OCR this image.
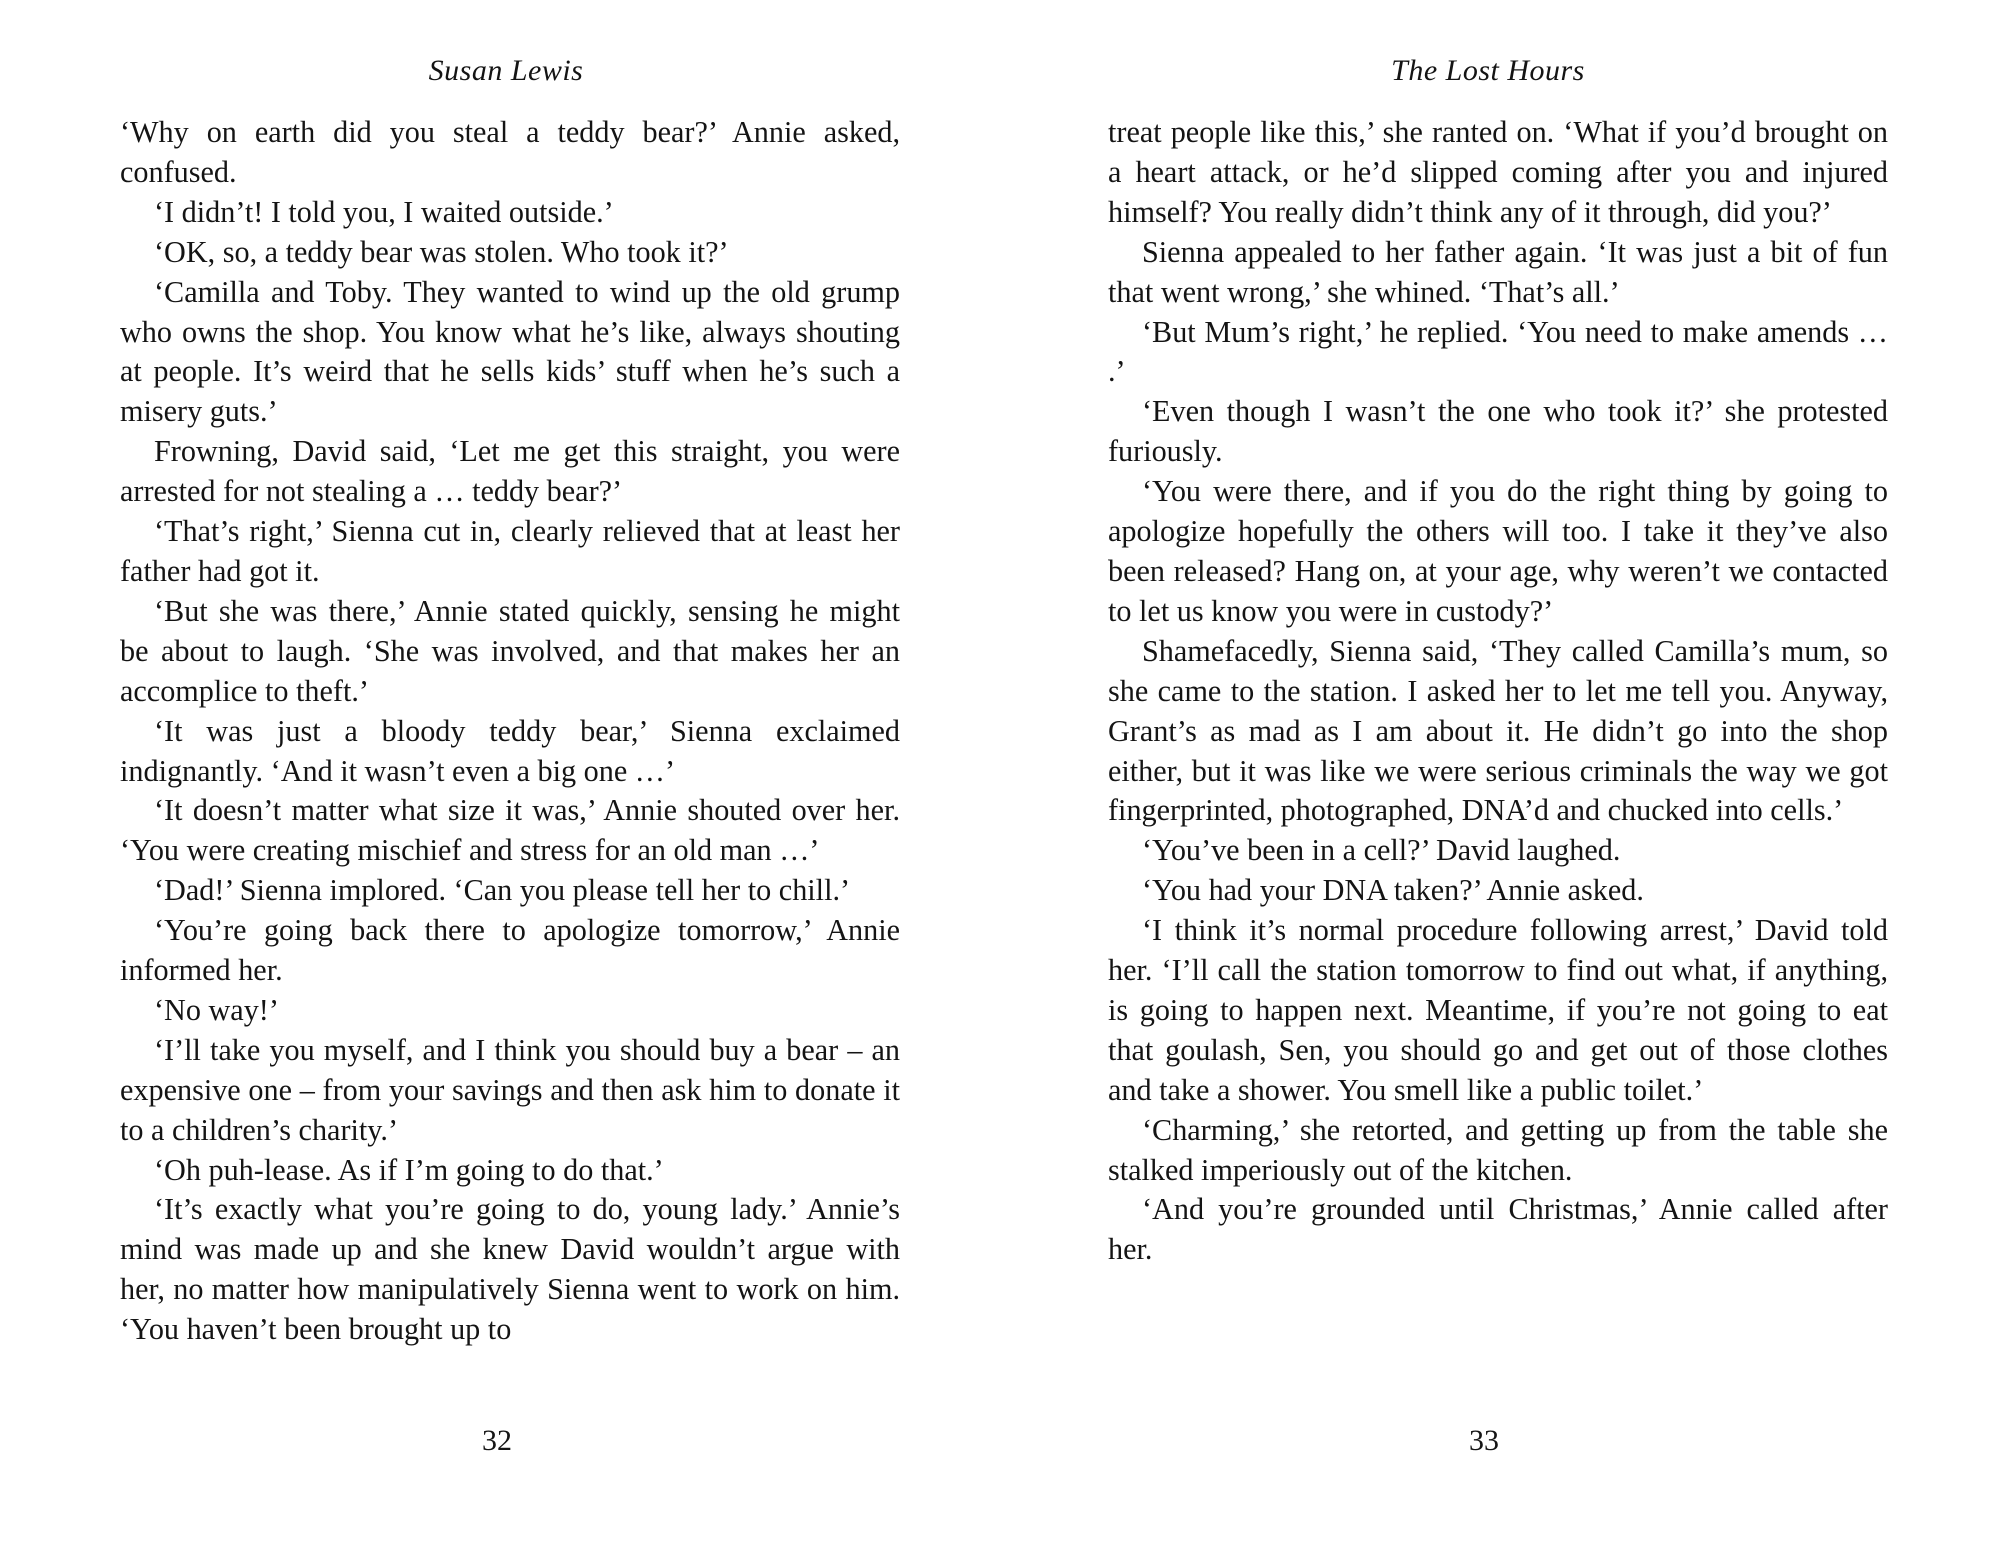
Susan Lewis

‘Why on earth did you steal a teddy bear?’ Annie asked, confused.

‘I didn’t! I told you, I waited outside.’

‘OK, so, a teddy bear was stolen. Who took it?’

‘Camilla and Toby. They wanted to wind up the old grump who owns the shop. You know what he’s like, always shouting at people. It’s weird that he sells kids’ stuff when he’s such a misery guts.’

Frowning, David said, ‘Let me get this straight, you were arrested for not stealing a … teddy bear?’

‘That’s right,’ Sienna cut in, clearly relieved that at least her father had got it.

‘But she was there,’ Annie stated quickly, sensing he might be about to laugh. ‘She was involved, and that makes her an accomplice to theft.’

‘It was just a bloody teddy bear,’ Sienna exclaimed indignantly. ‘And it wasn’t even a big one …’

‘It doesn’t matter what size it was,’ Annie shouted over her. ‘You were creating mischief and stress for an old man …’

‘Dad!’ Sienna implored. ‘Can you please tell her to chill.’

‘You’re going back there to apologize tomorrow,’ Annie informed her.

‘No way!’

‘I’ll take you myself, and I think you should buy a bear – an expensive one – from your savings and then ask him to donate it to a children’s charity.’

‘Oh puh-lease. As if I’m going to do that.’

‘It’s exactly what you’re going to do, young lady.’ Annie’s mind was made up and she knew David wouldn’t argue with her, no matter how manipulatively Sienna went to work on him. ‘You haven’t been brought up to

32
The Lost Hours

treat people like this,’ she ranted on. ‘What if you’d brought on a heart attack, or he’d slipped coming after you and injured himself? You really didn’t think any of it through, did you?’

Sienna appealed to her father again. ‘It was just a bit of fun that went wrong,’ she whined. ‘That’s all.’

‘But Mum’s right,’ he replied. ‘You need to make amends … .’

‘Even though I wasn’t the one who took it?’ she protested furiously.

‘You were there, and if you do the right thing by going to apologize hopefully the others will too. I take it they’ve also been released? Hang on, at your age, why weren’t we contacted to let us know you were in custody?’

Shamefacedly, Sienna said, ‘They called Camilla’s mum, so she came to the station. I asked her to let me tell you. Anyway, Grant’s as mad as I am about it. He didn’t go into the shop either, but it was like we were serious criminals the way we got fingerprinted, photographed, DNA’d and chucked into cells.’

‘You’ve been in a cell?’ David laughed.

‘You had your DNA taken?’ Annie asked.

‘I think it’s normal procedure following arrest,’ David told her. ‘I’ll call the station tomorrow to find out what, if anything, is going to happen next. Meantime, if you’re not going to eat that goulash, Sen, you should go and get out of those clothes and take a shower. You smell like a public toilet.’

‘Charming,’ she retorted, and getting up from the table she stalked imperiously out of the kitchen.

‘And you’re grounded until Christmas,’ Annie called after her.

33
